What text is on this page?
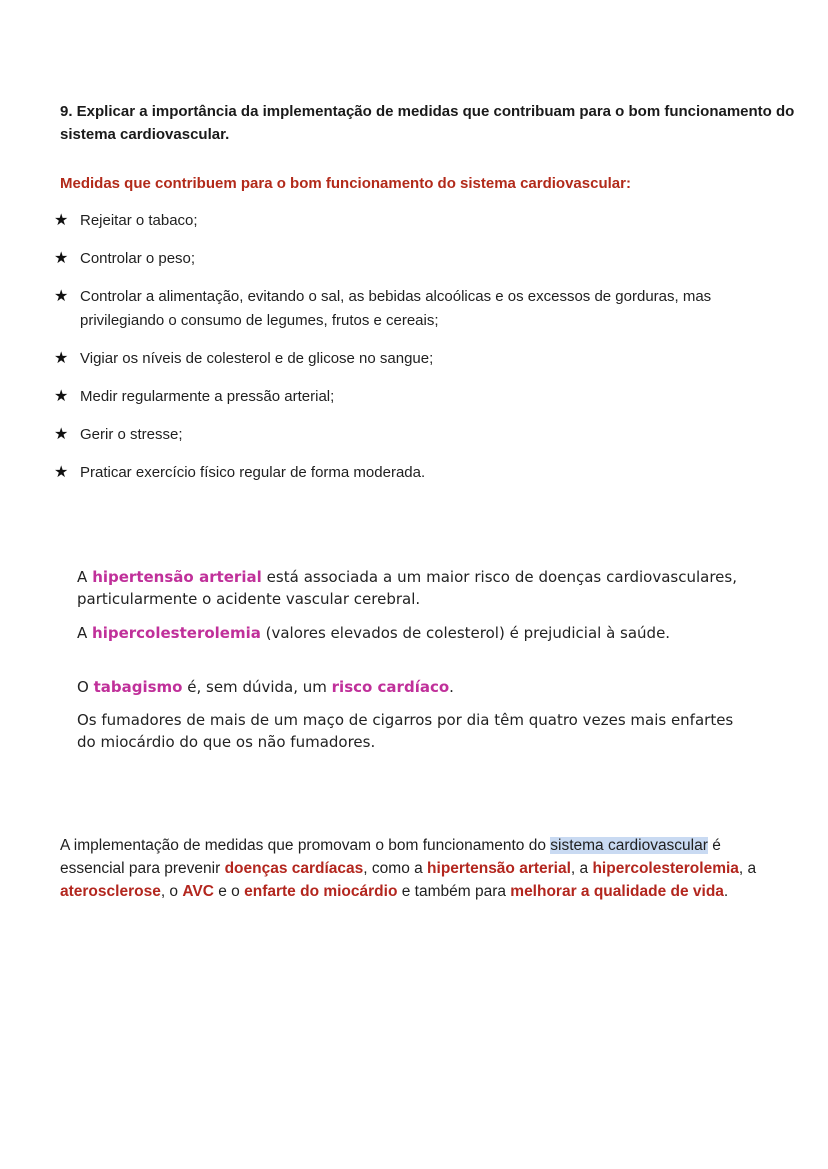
9. Explicar a importância da implementação de medidas que contribuam para o bom funcionamento do sistema cardiovascular.
Medidas que contribuem para o bom funcionamento do sistema cardiovascular:
★ Rejeitar o tabaco;
★ Controlar o peso;
★ Controlar a alimentação, evitando o sal, as bebidas alcoólicas e os excessos de gorduras, mas privilegiando o consumo de legumes, frutos e cereais;
★ Vigiar os níveis de colesterol e de glicose no sangue;
★ Medir regularmente a pressão arterial;
★ Gerir o stresse;
★ Praticar exercício físico regular de forma moderada.

A hipertensão arterial está associada a um maior risco de doenças cardiovasculares, particularmente o acidente vascular cerebral.

A hipercolesterolemia (valores elevados de colesterol) é prejudicial à saúde.

O tabagismo é, sem dúvida, um risco cardíaco.

Os fumadores de mais de um maço de cigarros por dia têm quatro vezes mais enfartes do miocárdio do que os não fumadores.

A implementação de medidas que promovam o bom funcionamento do sistema cardiovascular é essencial para prevenir doenças cardíacas, como a hipertensão arterial, a hipercolesterolemia, a aterosclerose, o AVC e o enfarte do miocárdio e também para melhorar a qualidade de vida.
